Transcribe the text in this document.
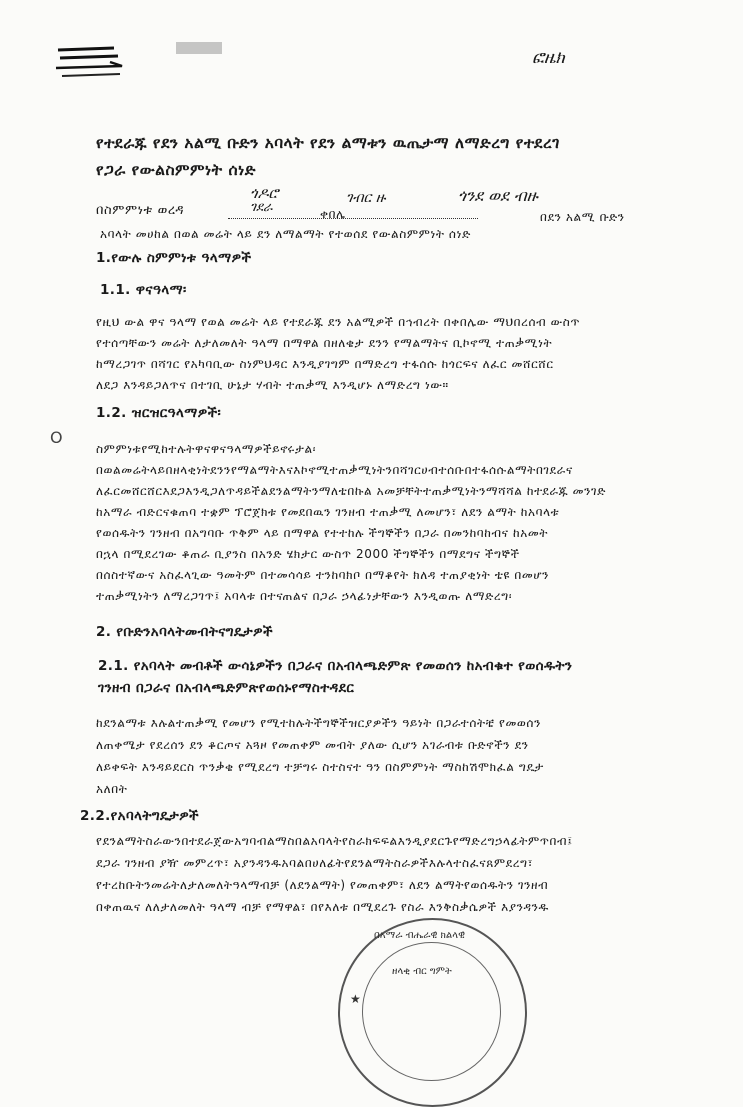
ፎዜክ
O
የተደራጁ የደን አልሚ ቡድን አባላት የደን ልማቱን ዉጤታማ ለማድረግ የተደረገ
የጋራ የውልስምምነት ሰነድ
በስምምነቱ ወረዳ
ጎዶሮ	ገብር ዙ
ቀበሌ
ገደራ
ጎንደ ወደ ብዙ
በደን አልሚ ቡድን
አባላት መሀከል በወል መሬት ላይ ደን ለማልማት የተወሰደ የውልስምምነት ሰነድ
1.የውሉ ስምምነቱ ዓላማዎች
1.1. ዋናዓላማ፡
የዚህ ውል ዋና ዓላማ የወል መሬት ላይ የተደራጁ ደን አልሚዎች በኅብረት በቀበሌው ማህበረሰብ ውስጥ
የተሰጣቸውን መሬት ለታለመለት ዓላማ በማዋል በዘለቄታ ደንን የማልማትና ቢኮኖሚ ተጠቃሚነት
ከማረጋገጥ በሻገር የአካባቢው ስነምህዳር እንዲያገግም በማድረግ ተፋሰሱ ከጎርፍና ለፈር መሸርሸር
ለደጋ እንዳይጋለጥና በተገቢ ሁኔታ ሃብት ተጠቃሚ እንዲሆኑ ለማድረግ ነው።
1.2. ዝርዝርዓላማዎች፡
ስምምነቱየሚከተሉትዋናዋናዓላማዎችይኖሩታል፡
በወልመሬትላይበዘላቂነትደንንየማልማትእናእኮኖሚተጠቃሚነትንበሻገርሀብተሰቡበተፋሰሱልማትበገደራና
ለፈርመሸርሸርእደጋእንዲጋለጥዳይችልደንልማትንማለቴበኩል አመቻቸትተጠቃሚነትንማሻሻል ከተደራጁ መንገድ
ከአማራ ብድርናቁጠባ ተቋም ፕሮጀክቱ የመደበዉን ገንዘብ ተጠቃሚ ለመሆን፣ ለደን ልማት ከአባላቱ
የወሰዱትን ገንዘብ በአግባቡ ጥቅም ላይ በማዋል የተተከሉ ችግኞችን በጋራ በመንከባከብና ከአመት
በኋላ በሚደረገው ቆጠራ ቢያንስ በአንድ ሄክታር ውስጥ 2000 ችግኞችን በማደግና ችግኞች
በሰስተኛውና አስፈላጊው ዓመትም በተመሳሳይ ተንከባክቦ በማቆየት ክለዳ ተጠያቂነት ቴዩ በመሆን
ተጠቃሚነትን ለማረጋገጥ፤ አባላቱ በተናጠልና በጋራ ኃላፊነታቸውን እንዲወጡ ለማድረግ፡
2. የቡድንአባላትመብትናግዴታዎች
2.1. የአባላት መብቶች ውሳኔዎችን በጋራና በአብላጫድምጽ የመወሰን ከአብቁተ የወሰዱትን
ገንዘብ በጋራና በአብላጫድምጽየወሰኑየማስተዳደር
ከደንልማቱ እሉልተጠቃሚ የመሆን የሚተከሉትችግኞችዝርያዎችን ዓይነት በጋራተሰትቼ የመወሰን
ለጠቀሜታ የደረሰን ደን ቆርጦና አጓዞ የመጠቀም መብት ያለው ሲሆን አገራብቱ ቡድኖችን ደን
ለይቀፍት እንዳይደርስ ጥንቃቄ የሚደረግ ተቻግሩ ስተስናተ ዓን በስምምነት ማስከሽሞክፈል ግዴታ
አለበት
2.2.የአባላትግዴታዎች
የደንልማትስራውንበተደራጀውአግባብልማስበልአባላትየስራክፍፍልእንዲያደርጉየማድረግኃላፊትምጥበብ፤
ደጋራ ገንዘብ ያዥ መምረጥ፣ አያንዳንዱአባልበሀለፊትየደንልማትስራዎችእሉላተስፈናጸምደረግ፣
የተረከቡትንመሬትለታለመለትዓላማብቻ (ለደንልማት) የመጠቀም፣ ለደን ልማትየወሰዱትን ገንዘብ
በቀጠዉና ለለታለመለት ዓላማ ብቻ የማዋል፣ በየእለቱ በሚደረጉ የስራ እንቅስቃሴዎች እያንዳንዱ
በአማራ ብሔራዊ ክልላዊ
ዘላቂ ብር ግምት
★
